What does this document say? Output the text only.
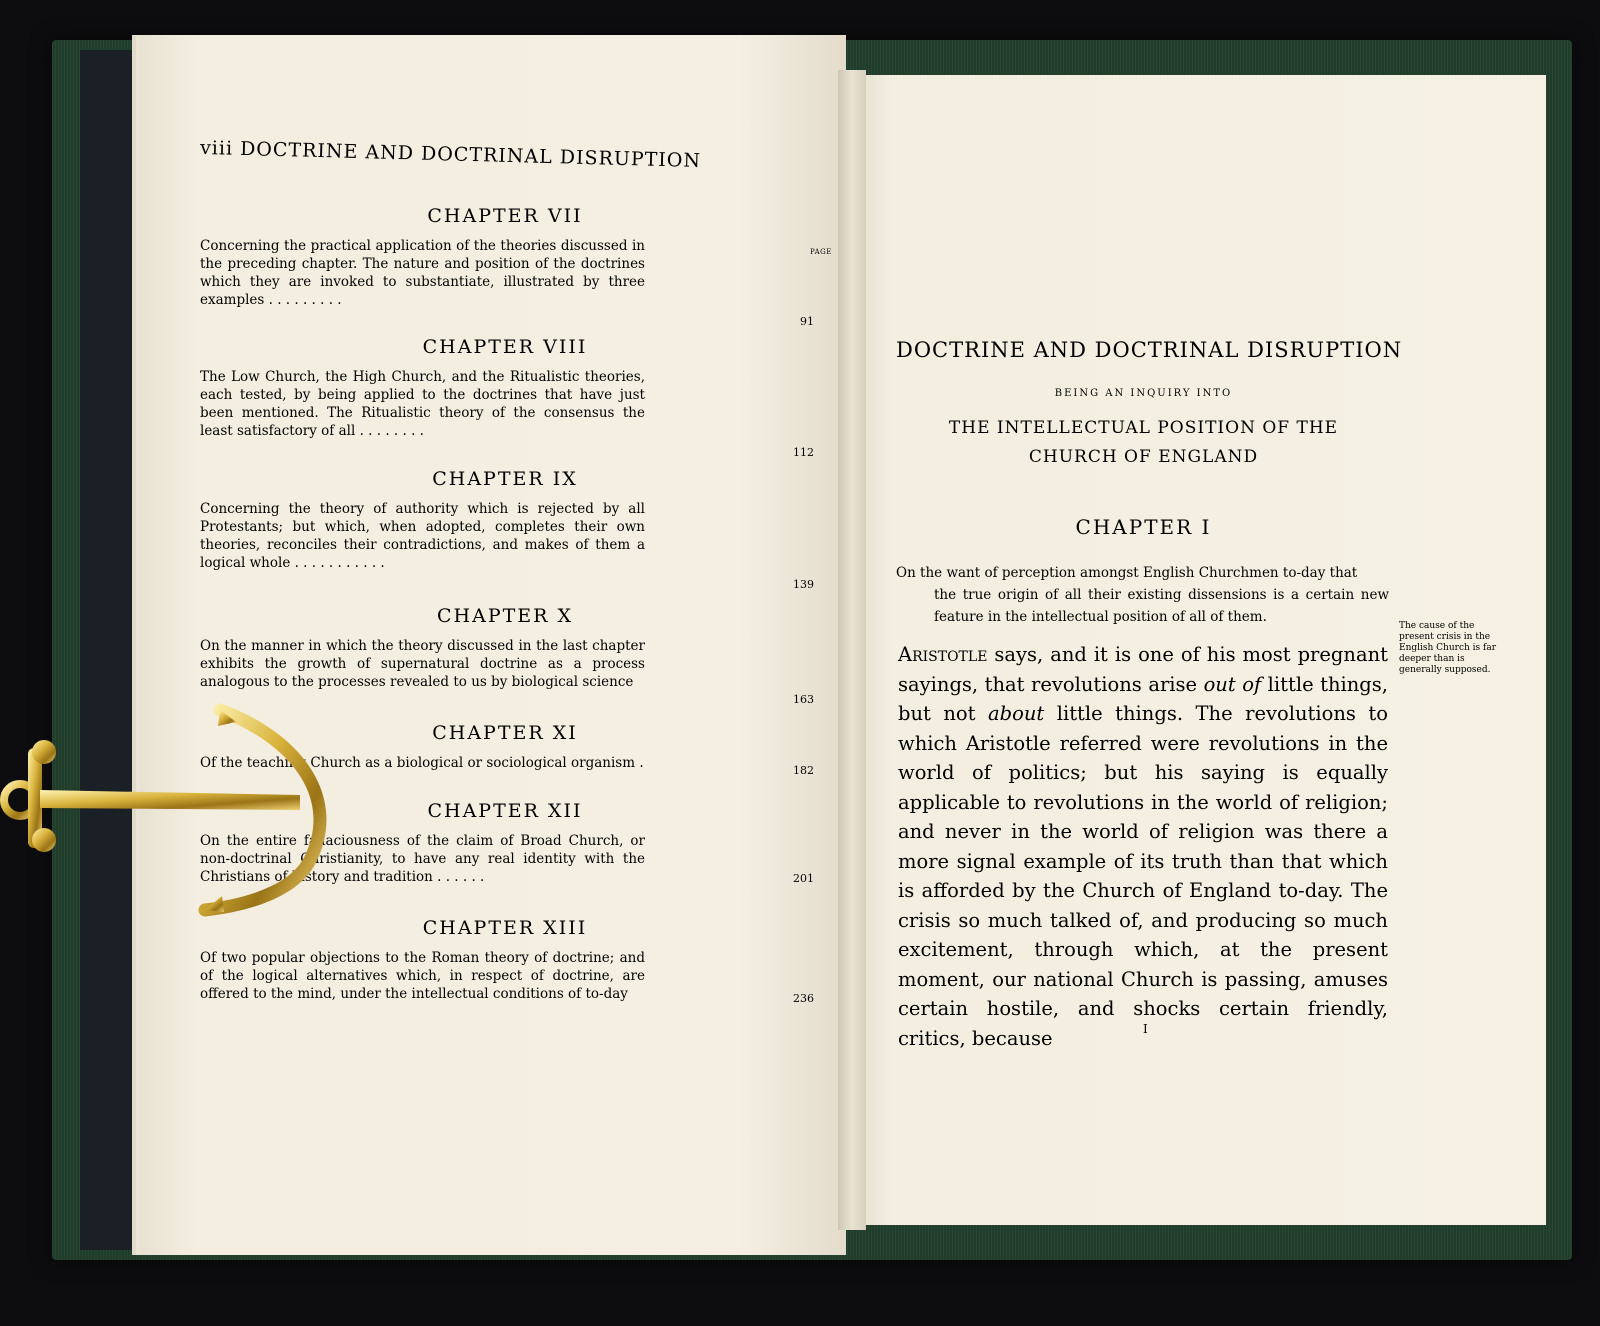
viii DOCTRINE AND DOCTRINAL DISRUPTION
PAGE
CHAPTER VII
Concerning the practical application of the theories discussed in the preceding chapter. The nature and position of the doctrines which they are invoked to substantiate, illustrated by three examples . . . . . . . . .
91
CHAPTER VIII
The Low Church, the High Church, and the Ritualistic theories, each tested, by being applied to the doctrines that have just been mentioned. The Ritualistic theory of the consensus the least satisfactory of all . . . . . . . .
112
CHAPTER IX
Concerning the theory of authority which is rejected by all Protestants; but which, when adopted, completes their own theories, reconciles their contradictions, and makes of them a logical whole . . . . . . . . . . .
139
CHAPTER X
On the manner in which the theory discussed in the last chapter exhibits the growth of supernatural doctrine as a process analogous to the processes revealed to us by biological science
163
CHAPTER XI
Of the teaching Church as a biological or sociological organism .	182
CHAPTER XII
On the entire fallaciousness of the claim of Broad Church, or non-doctrinal Christianity, to have any real identity with the Christians of history and tradition . . . . . .	201
CHAPTER XIII
Of two popular objections to the Roman theory of doctrine; and of the logical alternatives which, in respect of doctrine, are offered to the mind, under the intellectual conditions of to-day	236
DOCTRINE AND DOCTRINAL DISRUPTION
BEING AN INQUIRY INTO
THE INTELLECTUAL POSITION OF THE
CHURCH OF ENGLAND
CHAPTER I
On the want of perception amongst English Churchmen to-day that
the true origin of all their existing dissensions is a certain new feature in the intellectual position of all of them.
Aristotle says, and it is one of his most pregnant sayings, that revolutions arise out of little things, but not about little things. The revolutions to which Aristotle referred were revolutions in the world of politics; but his saying is equally applicable to revolutions in the world of religion; and never in the world of religion was there a more signal example of its truth than that which is afforded by the Church of England to-day. The crisis so much talked of, and producing so much excitement, through which, at the present moment, our national Church is passing, amuses certain hostile, and shocks certain friendly, critics, because
The cause of the present crisis in the English Church is far deeper than is generally supposed.
I
